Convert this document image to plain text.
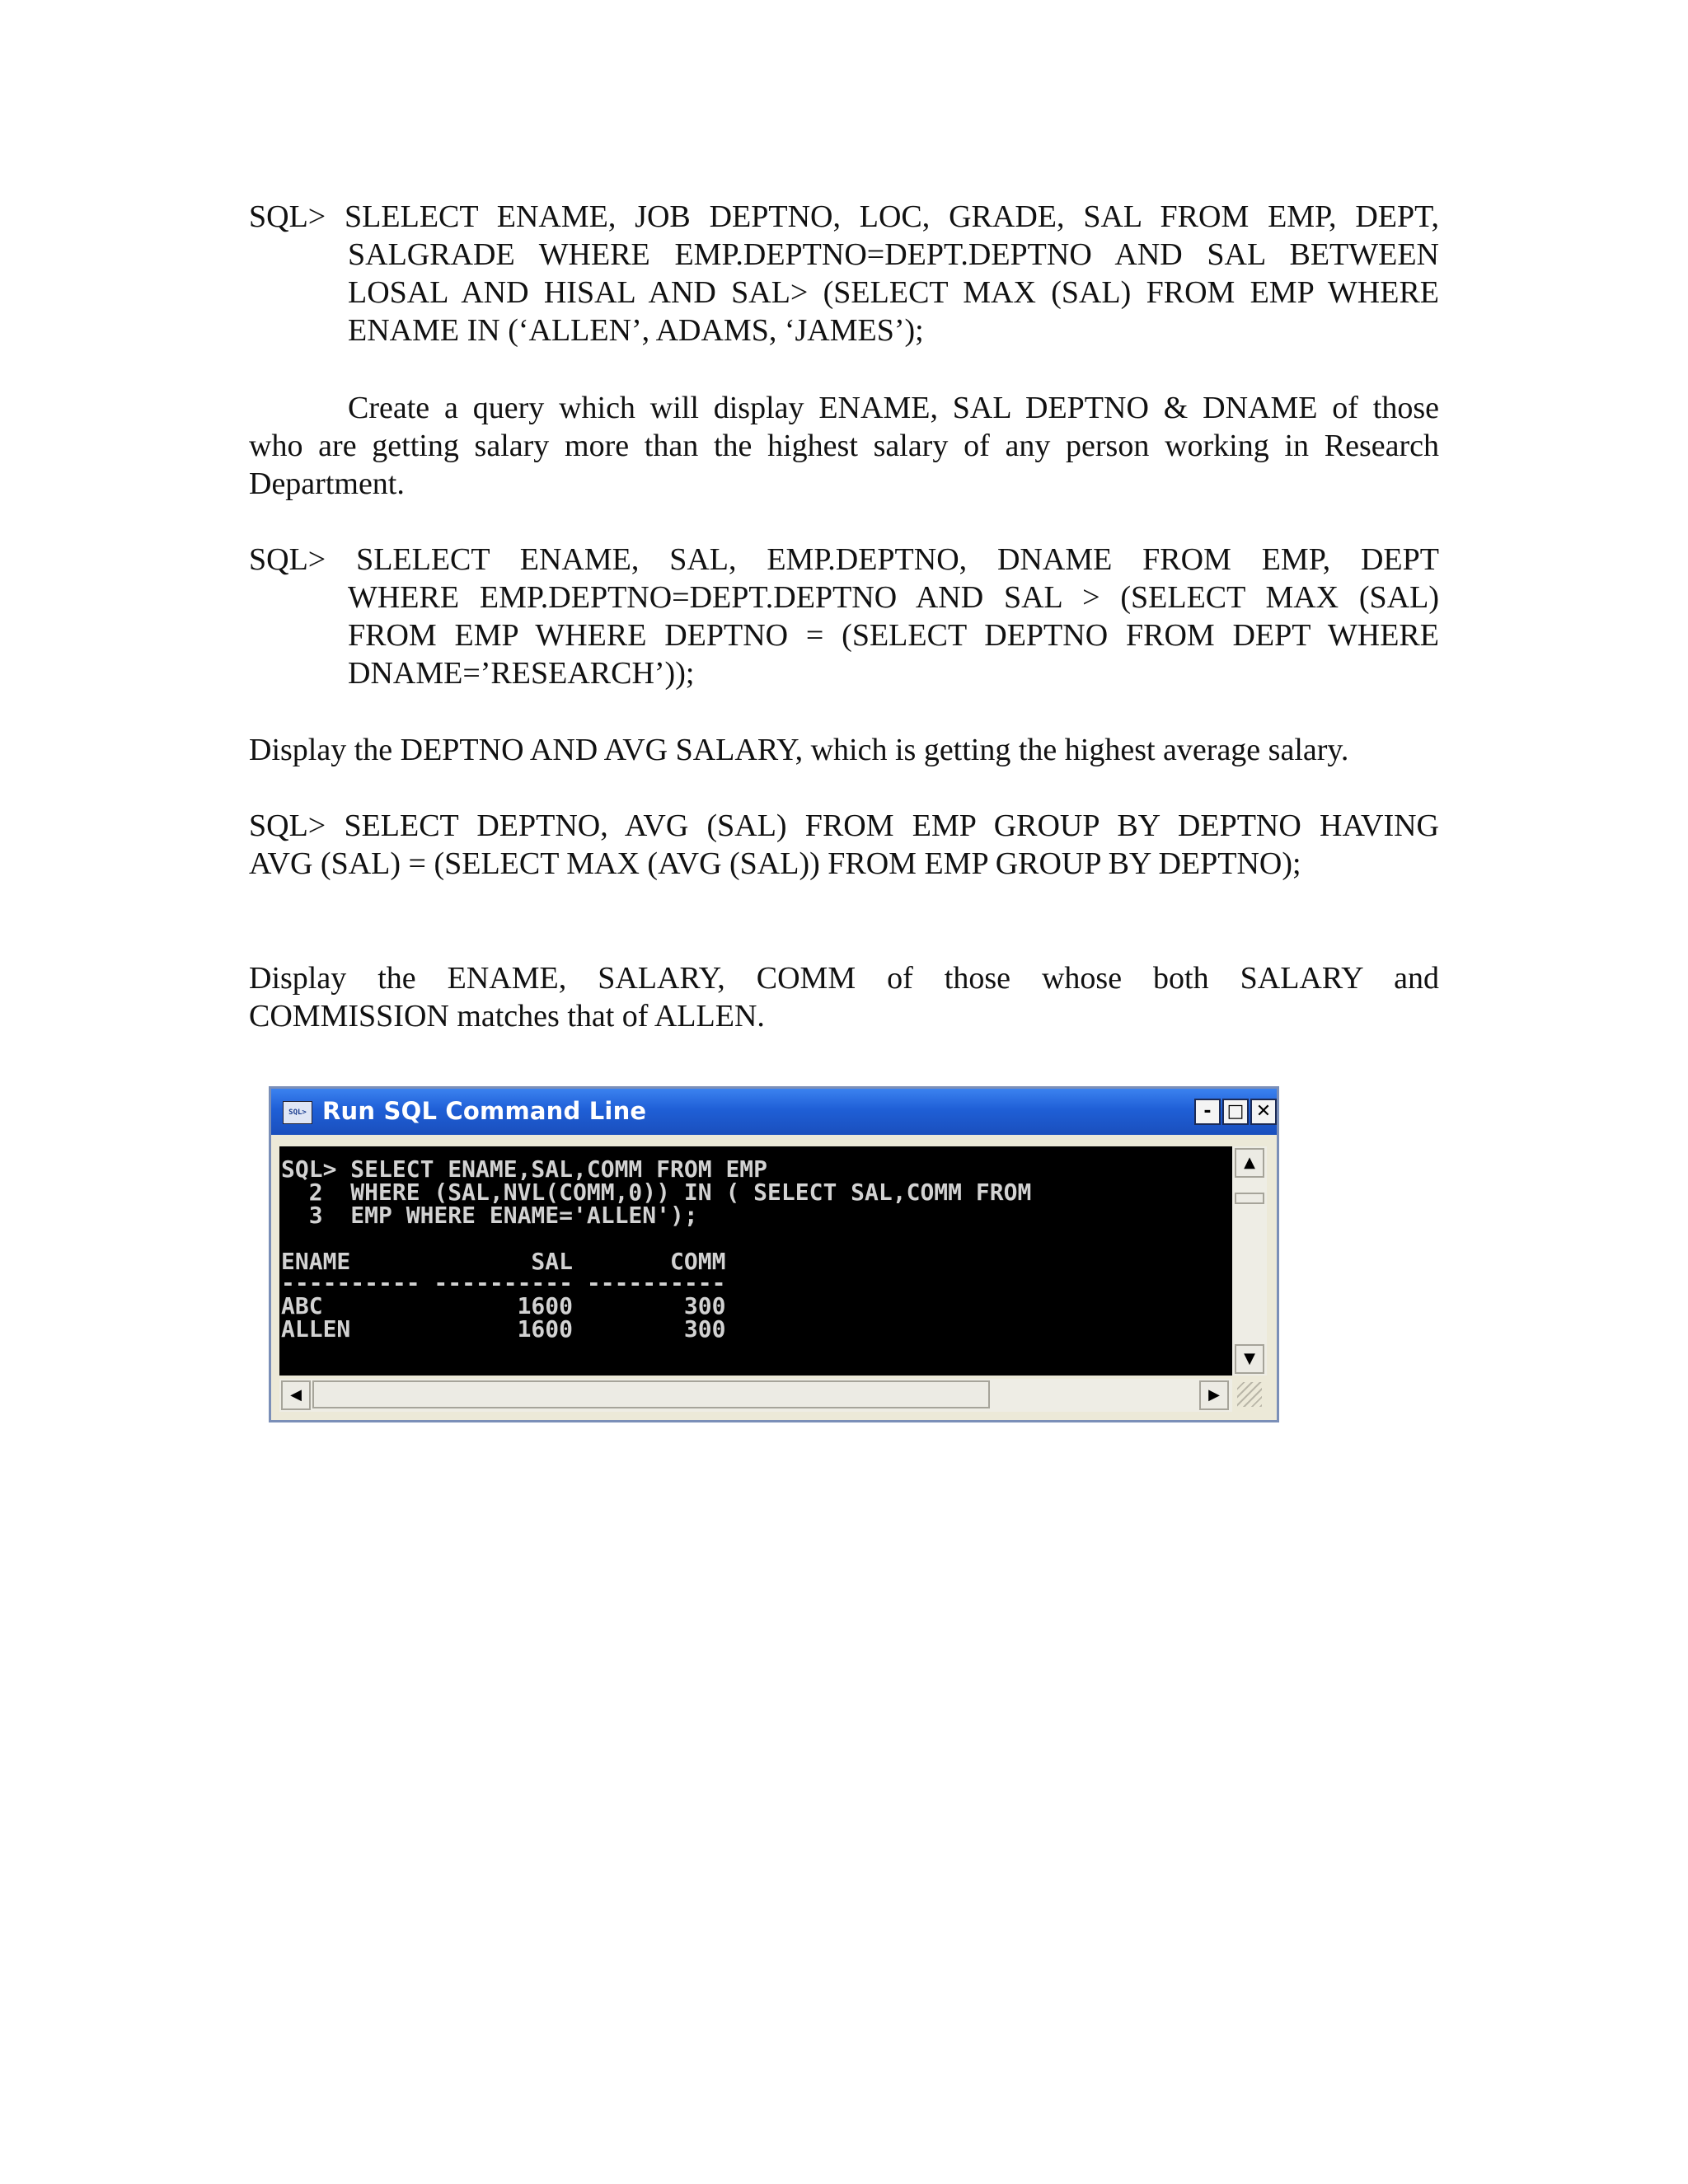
SQL> SLELECT ENAME, JOB DEPTNO, LOC, GRADE, SAL FROM EMP, DEPT,
SALGRADE WHERE EMP.DEPTNO=DEPT.DEPTNO AND SAL BETWEEN
LOSAL AND HISAL AND SAL> (SELECT MAX (SAL) FROM EMP WHERE
ENAME IN (‘ALLEN’, ADAMS, ‘JAMES’);
Create a query which will display ENAME, SAL DEPTNO & DNAME of those
who are getting salary more than the highest salary of any person working in Research
Department.
SQL> SLELECT ENAME, SAL, EMP.DEPTNO, DNAME FROM EMP, DEPT
WHERE EMP.DEPTNO=DEPT.DEPTNO AND SAL > (SELECT MAX (SAL)
FROM EMP WHERE DEPTNO = (SELECT DEPTNO FROM DEPT WHERE
DNAME=’RESEARCH’));
Display the DEPTNO AND AVG SALARY, which is getting the highest average salary.
SQL> SELECT DEPTNO, AVG (SAL) FROM EMP GROUP BY DEPTNO HAVING
AVG (SAL) = (SELECT MAX (AVG (SAL)) FROM EMP GROUP BY DEPTNO);
Display the ENAME, SALARY, COMM of those whose both SALARY and
COMMISSION matches that of ALLEN.
SQL> Run SQL Command Line	- □ ✕
SQL> SELECT ENAME,SAL,COMM FROM EMP
2  WHERE (SAL,NVL(COMM,0)) IN ( SELECT SAL,COMM FROM
3  EMP WHERE ENAME='ALLEN');
ENAME             SAL       COMM
---------- ---------- ----------
ABC              1600        300
ALLEN            1600        300
▲
▼
◀	▶
